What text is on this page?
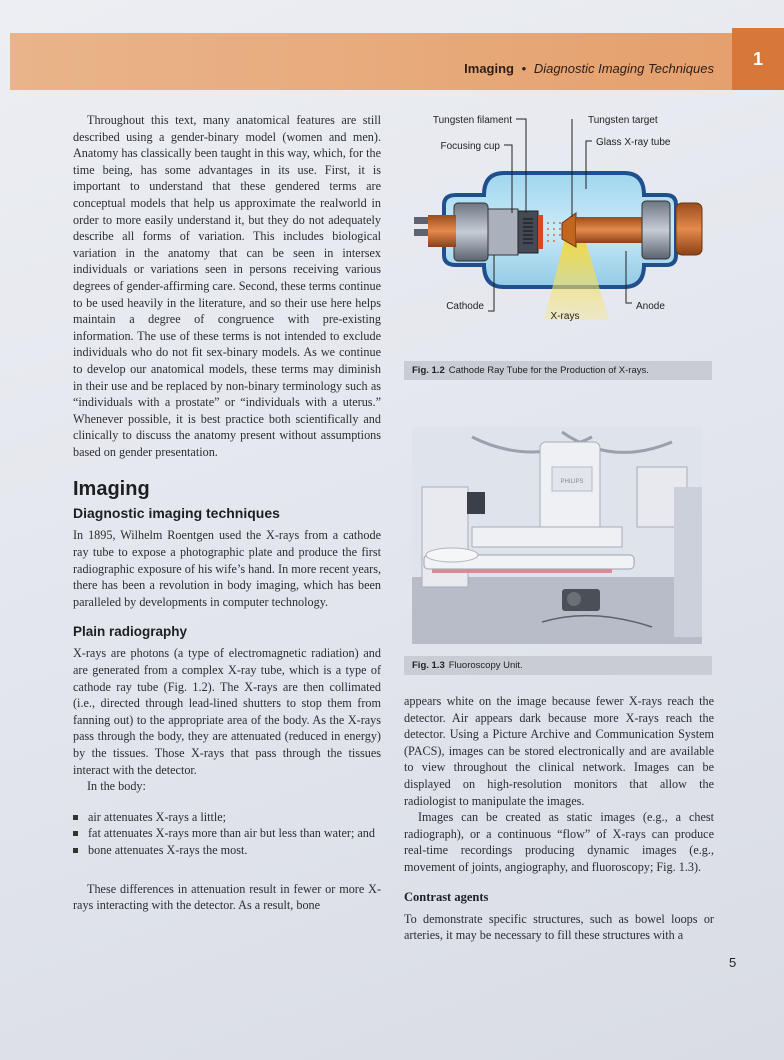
Imaging • Diagnostic Imaging Techniques	1

Throughout this text, many anatomical features are still described using a gender-binary model (women and men). Anatomy has classically been taught in this way, which, for the time being, has some advantages in its use. First, it is important to understand that these gendered terms are conceptual models that help us approximate the realworld in order to more easily understand it, but they do not adequately describe all forms of variation. This includes biological variation in the anatomy that can be seen in intersex individuals or variations seen in persons receiving various degrees of gender-affirming care. Second, these terms continue to be used heavily in the literature, and so their use here helps maintain a degree of congruence with pre-existing information. The use of these terms is not intended to exclude individuals who do not fit sex-binary models. As we continue to develop our anatomical models, these terms may diminish in their use and be replaced by non-binary terminology such as “individuals with a prostate” or “individuals with a uterus.” Whenever possible, it is best practice both scientifically and clinically to discuss the anatomy present without assumptions based on gender presentation.

Imaging
Diagnostic imaging techniques

In 1895, Wilhelm Roentgen used the X-rays from a cathode ray tube to expose a photographic plate and produce the first radiographic exposure of his wife’s hand. In more recent years, there has been a revolution in body imaging, which has been paralleled by developments in computer technology.

Plain radiography

X-rays are photons (a type of electromagnetic radiation) and are generated from a complex X-ray tube, which is a type of cathode ray tube (Fig. 1.2). The X-rays are then collimated (i.e., directed through lead-lined shutters to stop them from fanning out) to the appropriate area of the body. As the X-rays pass through the body, they are attenuated (reduced in energy) by the tissues. Those X-rays that pass through the tissues interact with the detector.

In the body:

air attenuates X-rays a little;
fat attenuates X-rays more than air but less than water; and
bone attenuates X-rays the most.

These differences in attenuation result in fewer or more X-rays interacting with the detector. As a result, bone

Tungsten filament	Tungsten target
Focusing cup	Glass X-ray tube
Cathode	Anode
X-rays
Fig. 1.2 Cathode Ray Tube for the Production of X-rays.
PHILIPS
Fig. 1.3 Fluoroscopy Unit.

appears white on the image because fewer X-rays reach the detector. Air appears dark because more X-rays reach the detector. Using a Picture Archive and Communication System (PACS), images can be stored electronically and are available to view throughout the clinical network. Images can be displayed on high-resolution monitors that allow the radiologist to manipulate the images.

Images can be created as static images (e.g., a chest radiograph), or a continuous “flow” of X-rays can produce real-time recordings producing dynamic images (e.g., movement of joints, angiography, and fluoroscopy; Fig. 1.3).

Contrast agents

To demonstrate specific structures, such as bowel loops or arteries, it may be necessary to fill these structures with a

5
